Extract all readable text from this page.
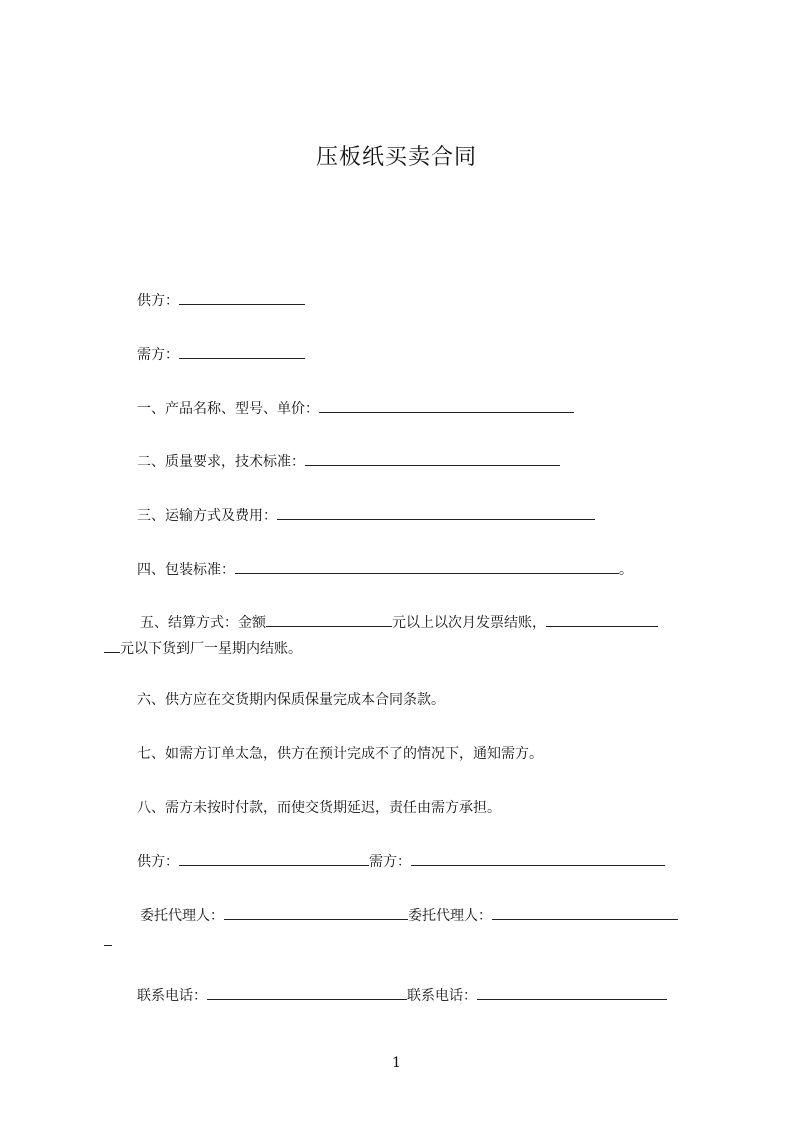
压板纸买卖合同
供方：
需方：
一、产品名称、型号、单价：
二、质量要求，技术标准：
三、运输方式及费用：
四、包装标准：	。
五、结算方式：金额	元以上以次月发票结账，
元以下货到厂一星期内结账。
六、供方应在交货期内保质保量完成本合同条款。
七、如需方订单太急，供方在预计完成不了的情况下，通知需方。
八、需方未按时付款，而使交货期延迟，责任由需方承担。
供方：	需方：
委托代理人：	委托代理人：
联系电话：	联系电话：
1
